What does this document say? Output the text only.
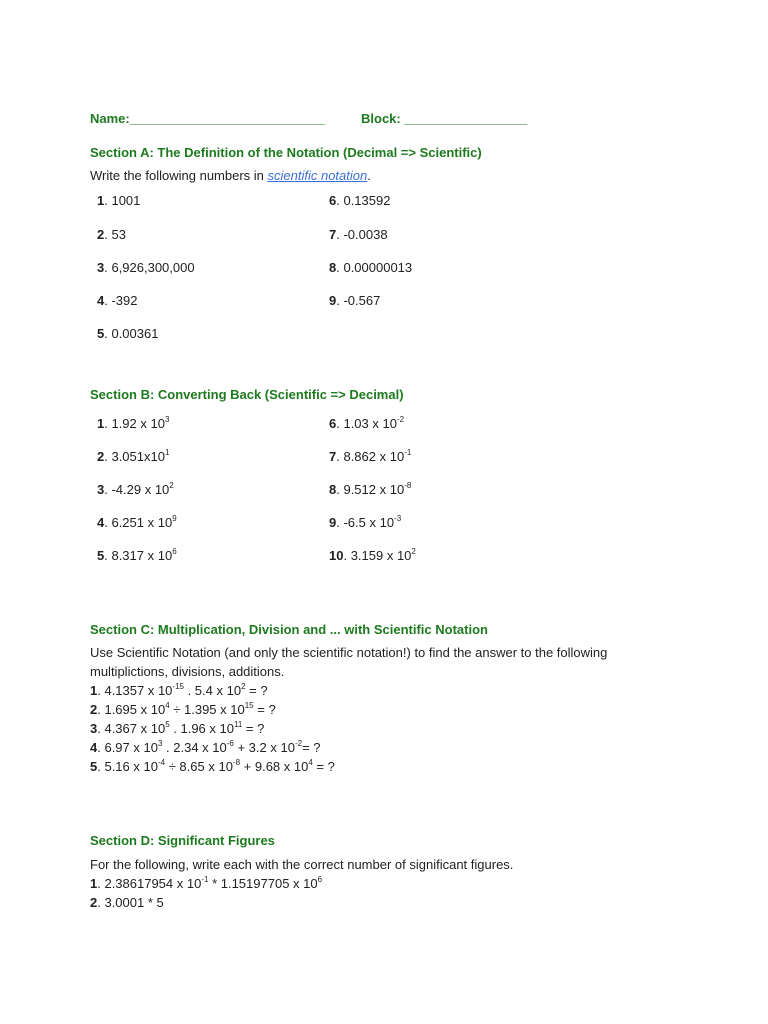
Name:___________________________	Block: _________________
Section A: The Definition of the Notation (Decimal => Scientific)
Write the following numbers in scientific notation.
1. 1001
2. 53
3. 6,926,300,000
4. -392
5. 0.00361
6. 0.13592
7. -0.0038
8. 0.00000013
9. -0.567
Section B: Converting Back (Scientific => Decimal)
1. 1.92 x $10^3$
2. $3.051x10^1$
3. -4.29 x $10^2$
4. 6.251 x $10^9$
5. 8.317 x $10^6$
6. 1.03 x $10^{-2}$
7. 8.862 x $10^{-1}$
8. 9.512 x $10^{-8}$
9. -6.5 x $10^{-3}$
10. 3.159 x $10^2$
Section C: Multiplication, Division and ... with Scientific Notation
Use Scientific Notation (and only the scientific notation!) to find the answer to the following
multiplictions, divisions, additions.
1. 4.1357 x $10^{-15}$ . 5.4 x $10^2$ = ?
2. 1.695 x $10^4 \div 1.395$ x $10^{15}$ = ?
3. 4.367 x $10^5$ . 1.96 x $10^{11}$ = ?
4. 6.97 x $10^3$ . 2.34 x $10^{-6} + 3.2$ x $10^{-2}=$ ?
5. 5.16 x $10^{-4} \div 8.65$ x $10^{-8} + 9.68$ x $10^4$ = ?
Section D: Significant Figures
For the following, write each with the correct number of significant figures.
1. 2.38617954 x $10^{-1} * 1.15197705$ x $10^6$
2. 3.0001 * 5
